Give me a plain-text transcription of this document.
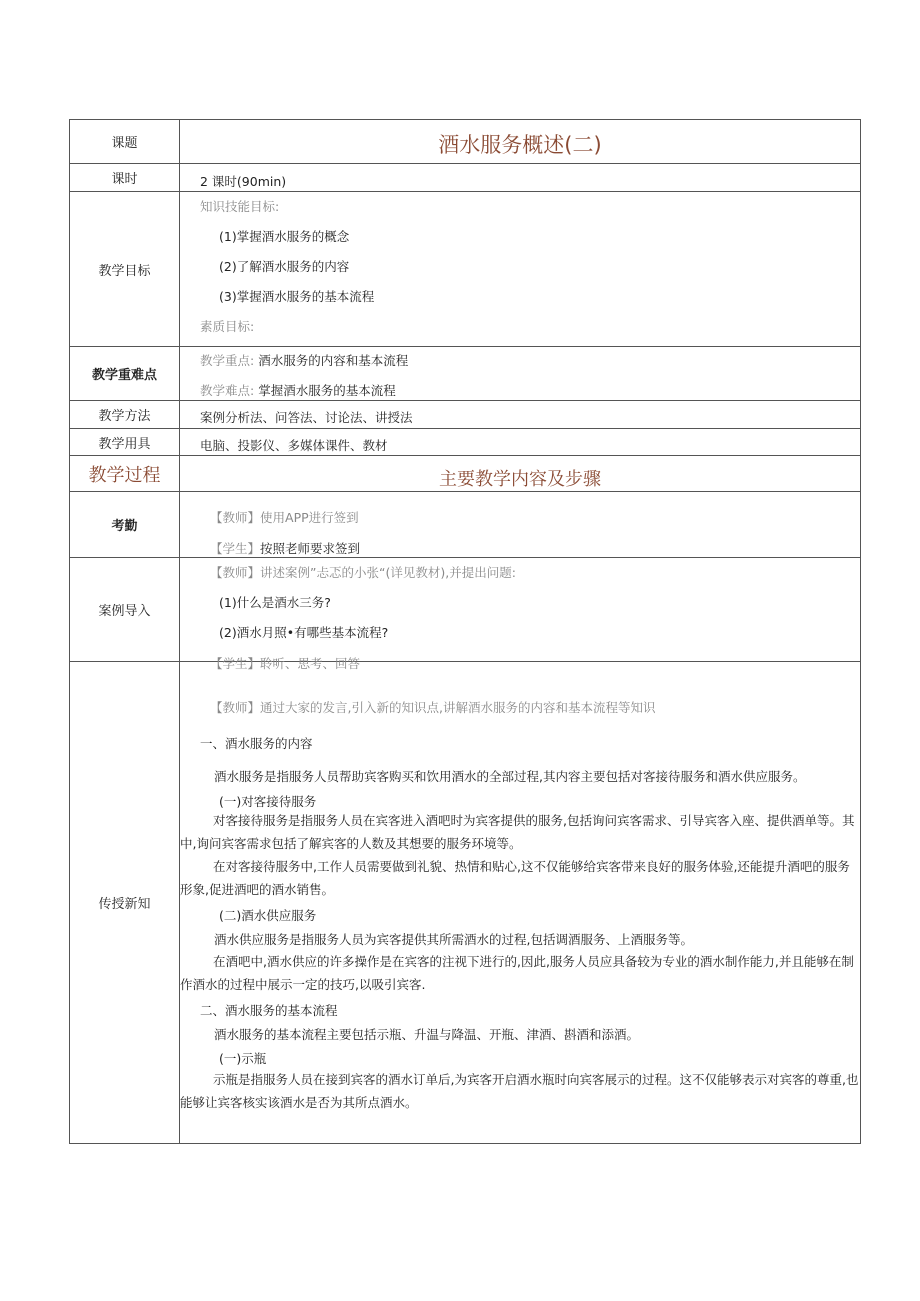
课题
课时
教学目标
教学重难点
教学方法
教学用具
教学过程
考勤
案例导入
传授新知
酒水服务概述(二)
2 课时(90min)
知识技能目标:
(1)掌握酒水服务的概念
(2)了解酒水服务的内容
(3)掌握酒水服务的基本流程
素质目标:
教学重点: 酒水服务的内容和基本流程
教学难点: 掌握酒水服务的基本流程
案例分析法、问答法、讨论法、讲授法
电脑、投影仪、多媒体课件、教材
主要教学内容及步骤
【教师】使用APP进行签到
【学生】按照老师要求签到
【教师】讲述案例”忐忑的小张“(详见教材),并提出问题:
(1)什么是酒水三务?
(2)酒水月照•有哪些基本流程?
【学生】聆听、思考、回答
【教师】通过大家的发言,引入新的知识点,讲解酒水服务的内容和基本流程等知识
一、酒水服务的内容
酒水服务是指服务人员帮助宾客购买和饮用酒水的全部过程,其内容主要包括对客接待服务和酒水供应服务。
(一)对客接待服务
对客接待服务是指服务人员在宾客进入酒吧时为宾客提供的服务,包括询问宾客需求、引导宾客入座、提供酒单等。其中,询问宾客需求包括了解宾客的人数及其想要的服务环境等。
在对客接待服务中,工作人员需要做到礼貌、热情和贴心,这不仅能够给宾客带来良好的服务体验,还能提升酒吧的服务形象,促进酒吧的酒水销售。
(二)酒水供应服务
酒水供应服务是指服务人员为宾客提供其所需酒水的过程,包括调酒服务、上酒服务等。
在酒吧中,酒水供应的许多操作是在宾客的注视下进行的,因此,服务人员应具备较为专业的酒水制作能力,并且能够在制作酒水的过程中展示一定的技巧,以吸引宾客.
二、酒水服务的基本流程
酒水服务的基本流程主要包括示瓶、升温与降温、开瓶、津酒、斟酒和添酒。
(一)示瓶
示瓶是指服务人员在接到宾客的酒水订单后,为宾客开启酒水瓶时向宾客展示的过程。这不仅能够表示对宾客的尊重,也能够让宾客核实该酒水是否为其所点酒水。
